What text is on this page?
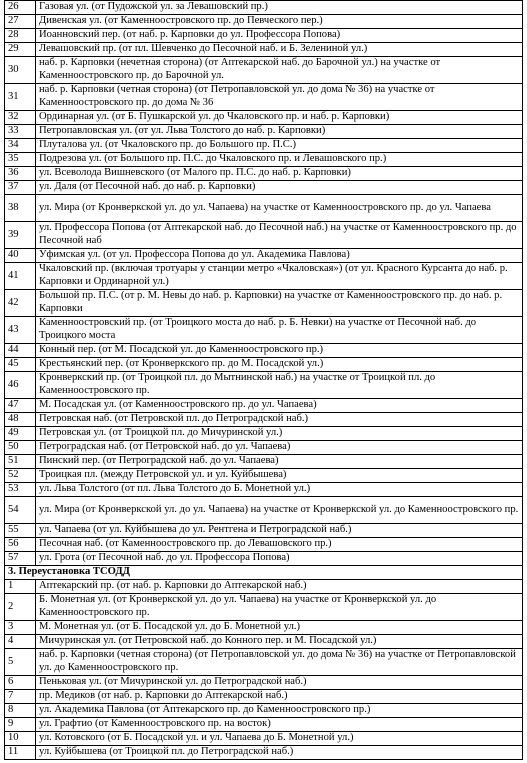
26	Газовая ул. (от Пудожской ул. за Левашовский пр.)
27	Дивенская ул. (от Каменноостровского пр. до Певческого пер.)
28	Иоанновский пер. (от наб. р. Карповки до ул. Профессора Попова)
29	Левашовский пр. (от пл. Шевченко до Песочной наб. и Б. Зелениной ул.)
30	наб. р. Карповки (нечетная сторона) (от Аптекарской наб. до Барочной ул.) на участке от Каменноостровского пр. до Барочной ул.
31	наб. р. Карповки (четная сторона) (от Петропавловской ул. до дома № 36) на участке от Каменноостровского пр. до дома № 36
32	Ординарная ул. (от Б. Пушкарской ул. до Чкаловского пр. и наб. р. Карповки)
33	Петропавловская ул. (от ул. Льва Толстого до наб. р. Карповки)
34	Плуталова ул. (от Чкаловского пр. до Большого пр. П.С.)
35	Подрезова ул. (от Большого пр. П.С. до Чкаловского пр. и Левашовского пр.)
36	ул. Всеволода Вишневского (от Малого пр. П.С. до наб. р. Карповки)
37	ул. Даля (от Песочной наб. до наб. р. Карповки)
38	ул. Мира (от Кронверкской ул. до ул. Чапаева) на участке от Каменноостровского пр. до ул. Чапаева
39	ул. Профессора Попова (от Аптекарской наб. до Песочной наб.) на участке от Каменноостровского пр. до Песочной наб
40	Уфимская ул. (от ул. Профессора Попова до ул. Академика Павлова)
41	Чкаловский пр. (включая тротуары у станции метро «Чкаловская») (от ул. Красного Курсанта до наб. р. Карповки и Ординарной ул.)
42	Большой пр. П.С. (от р. М. Невы до наб. р. Карповки) на участке от Каменноостровского пр. до наб. р. Карповки
43	Каменноостровский пр. (от Троицкого моста до наб. р. Б. Невки) на участке от Песочной наб. до Троицкого моста
44	Конный пер. (от М. Посадской ул. до Каменноостровского пр.)
45	Крестьянский пер. (от Кронверкского пр. до М. Посадской ул.)
46	Кронверкский пр. (от Троицкой пл. до Мытнинской наб.) на участке от Троицкой пл. до Каменноостровского пр.
47	М. Посадская ул. (от Каменноостровского пр. до ул. Чапаева)
48	Петровская наб. (от Петровской пл. до Петроградской наб.)
49	Петровская ул. (от Троицкой пл. до Мичуринской ул.)
50	Петроградская наб. (от Петровской наб. до ул. Чапаева)
51	Пинский пер. (от Петроградской наб. до ул. Чапаева)
52	Троицкая пл. (между Петровской ул. и ул. Куйбышева)
53	ул. Льва Толстого (от пл. Льва Толстого до Б. Монетной ул.)
54	ул. Мира (от Кронверкской ул. до ул. Чапаева) на участке от Кронверкской ул. до Каменноостровского пр.
55	ул. Чапаева (от ул. Куйбышева до ул. Рентгена и Петроградской наб.)
56	Песочная наб. (от Каменноостровского пр. до Левашовского пр.)
57	ул. Грота (от Песочной наб. до ул. Профессора Попова)
3. Переустановка ТСОДД	
1	Аптекарский пр. (от наб. р. Карповки до Аптекарской наб.)
2	Б. Монетная ул. (от Кронверкской ул. до ул. Чапаева) на участке от Кронверкской ул. до Каменноостровского пр.
3	М. Монетная ул. (от Б. Посадской ул. до Б. Монетной ул.)
4	Мичуринская ул. (от Петровской наб. до Конного пер. и М. Посадской ул.)
5	наб. р. Карповки (четная сторона) (от Петропавловской ул. до дома № 36) на участке от Петропавловской ул. до Каменноостровского пр.
6	Пеньковая ул. (от Мичуринской ул. до Петроградской наб.)
7	пр. Медиков (от наб. р. Карповки до Аптекарской наб.)
8	ул. Академика Павлова (от Аптекарского пр. до Каменноостровского пр.)
9	ул. Графтио (от Каменноостровского пр. на восток)
10	ул. Котовского (от Б. Посадской ул. и ул. Чапаева до Б. Монетной ул.)
11	ул. Куйбышева (от Троицкой пл. до Петроградской наб.)
